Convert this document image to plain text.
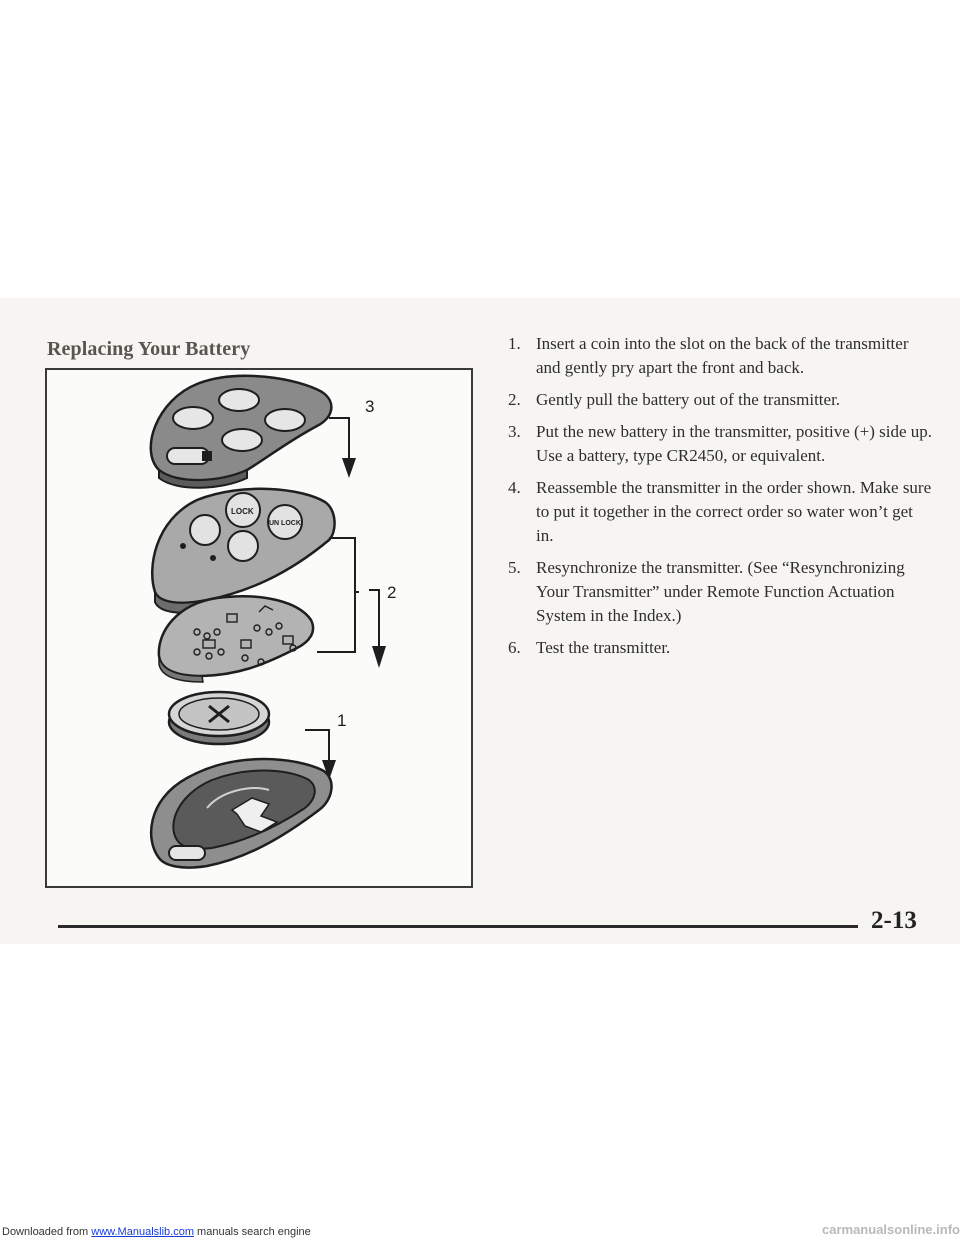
Replacing Your Battery
LOCK
UN LOCK
3
2
1
1. Insert a coin into the slot on the back of the transmitter and gently pry apart the front and back.
2. Gently pull the battery out of the transmitter.
3. Put the new battery in the transmitter, positive (+) side up. Use a battery, type CR2450, or equivalent.
4. Reassemble the transmitter in the order shown. Make sure to put it together in the correct order so water won’t get in.
5. Resynchronize the transmitter. (See “Resynchronizing Your Transmitter” under Remote Function Actuation System in the Index.)
6. Test the transmitter.

2-13

Downloaded from www.Manualslib.com manuals search engine	carmanualsonline.info
